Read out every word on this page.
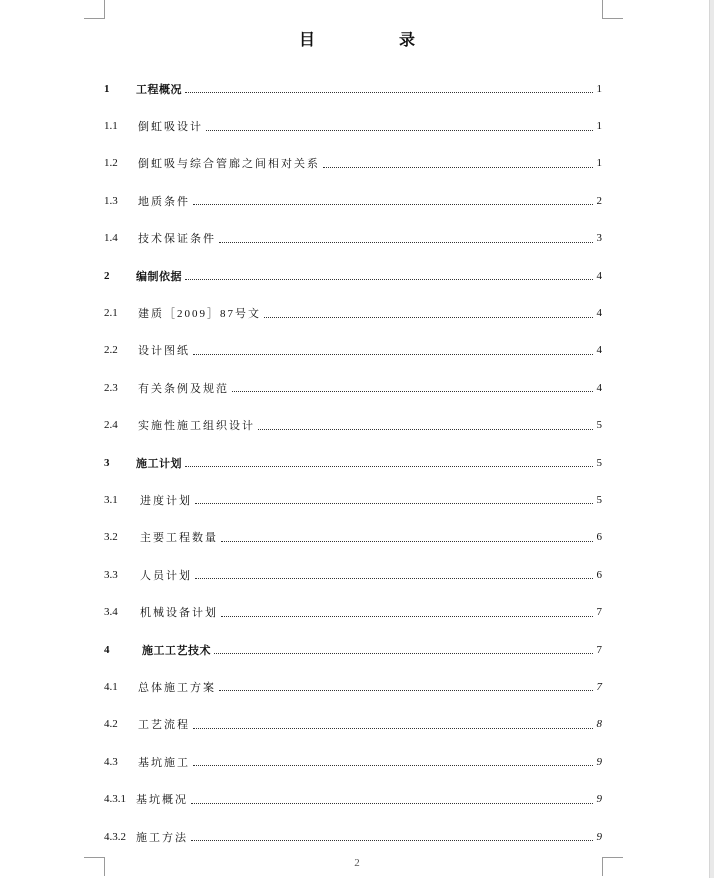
目　录
1	工程概况	1
1.1	倒虹吸设计	1
1.2	倒虹吸与综合管廊之间相对关系	1
1.3	地质条件	2
1.4	技术保证条件	3
2	编制依据	4
2.1	建质［2009］87号文	4
2.2	设计图纸	4
2.3	有关条例及规范	4
2.4	实施性施工组织设计	5
3	施工计划	5
3.1	进度计划	5
3.2	主要工程数量	6
3.3	人员计划	6
3.4	机械设备计划	7
4	施工工艺技术	7
4.1	总体施工方案	7
4.2	工艺流程	8
4.3	基坑施工	9
4.3.1 基坑概况	9
4.3.2 施工方法	9
2
